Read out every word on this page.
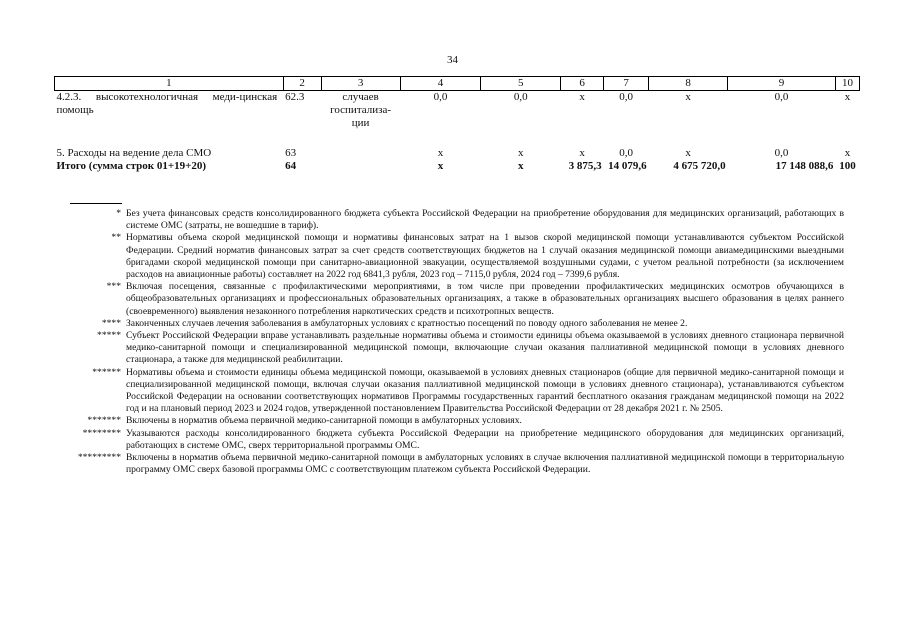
34
1	2	3	4	5	6	7	8	9	10
4.2.3. высокотехнологичная меди-цинская помощь	62.3	случаев госпитализа-ции	0,0	0,0	х	0,0	х	0,0	х
5. Расходы на ведение дела СМО	63		х	х	х	0,0	х	0,0	х
Итого (сумма строк 01+19+20)	64		х	х	3 875,3	14 079,6	4 675 720,0	17 148 088,6	100
* Без учета финансовых средств консолидированного бюджета субъекта Российской Федерации на приобретение оборудования для медицинских организаций, работающих в системе ОМС (затраты, не вошедшие в тариф).
** Нормативы объема скорой медицинской помощи и нормативы финансовых затрат на 1 вызов скорой медицинской помощи устанавливаются субъектом Российской Федерации. Средний норматив финансовых затрат за счет средств соответствующих бюджетов на 1 случай оказания медицинской помощи авиамедицинскими выездными бригадами скорой медицинской помощи при санитарно-авиационной эвакуации, осуществляемой воздушными судами, с учетом реальной потребности (за исключением расходов на авиационные работы) составляет на 2022 год 6841,3 рубля, 2023 год – 7115,0 рубля, 2024 год – 7399,6 рубля.
*** Включая посещения, связанные с профилактическими мероприятиями, в том числе при проведении профилактических медицинских осмотров обучающихся в общеобразовательных организациях и профессиональных образовательных организациях, а также в образовательных организациях высшего образования в целях раннего (своевременного) выявления незаконного потребления наркотических средств и психотропных веществ.
**** Законченных случаев лечения заболевания в амбулаторных условиях с кратностью посещений по поводу одного заболевания не менее 2.
***** Субъект Российской Федерации вправе устанавливать раздельные нормативы объема и стоимости единицы объема оказываемой в условиях дневного стационара первичной медико-санитарной помощи и специализированной медицинской помощи, включающие случаи оказания паллиативной медицинской помощи в условиях дневного стационара, а также для медицинской реабилитации.
****** Нормативы объема и стоимости единицы объема медицинской помощи, оказываемой в условиях дневных стационаров (общие для первичной медико-санитарной помощи и специализированной медицинской помощи, включая случаи оказания паллиативной медицинской помощи в условиях дневного стационара), устанавливаются субъектом Российской Федерации на основании соответствующих нормативов Программы государственных гарантий бесплатного оказания гражданам медицинской помощи на 2022 год и на плановый период 2023 и 2024 годов, утвержденной постановлением Правительства Российской Федерации от 28 декабря 2021 г. № 2505.
******* Включены в норматив объема первичной медико-санитарной помощи в амбулаторных условиях.
******** Указываются расходы консолидированного бюджета субъекта Российской Федерации на приобретение медицинского оборудования для медицинских организаций, работающих в системе ОМС, сверх территориальной программы ОМС.
********* Включены в норматив объема первичной медико-санитарной помощи в амбулаторных условиях в случае включения паллиативной медицинской помощи в территориальную программу ОМС сверх базовой программы ОМС с соответствующим платежом субъекта Российской Федерации.
